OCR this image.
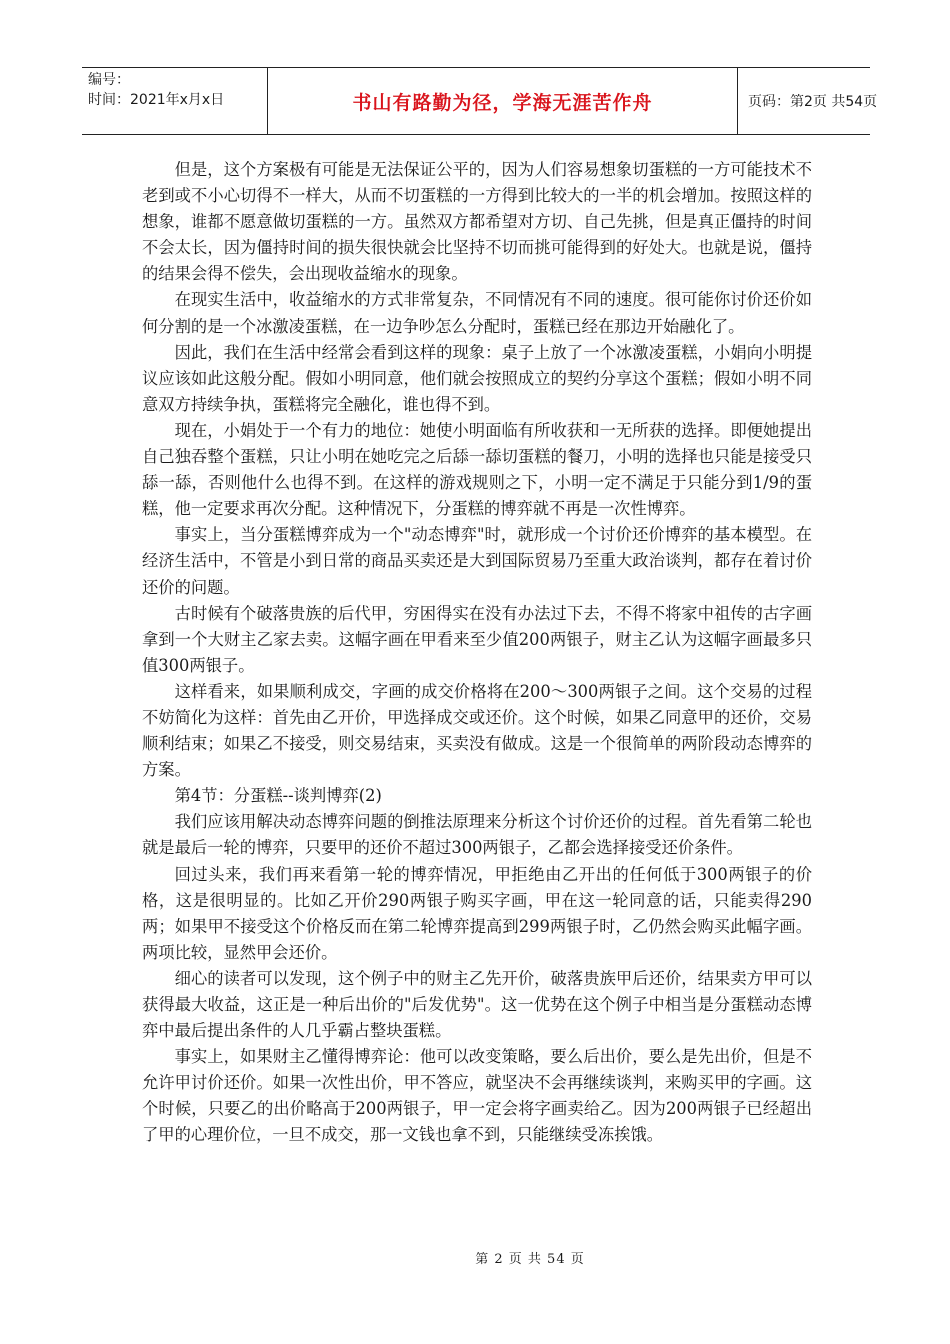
编号：
时间：2021年x月x日	书山有路勤为径，学海无涯苦作舟	页码：第2页 共54页

但是，这个方案极有可能是无法保证公平的，因为人们容易想象切蛋糕的一方可能技术不老到或不小心切得不一样大，从而不切蛋糕的一方得到比较大的一半的机会增加。按照这样的想象，谁都不愿意做切蛋糕的一方。虽然双方都希望对方切、自己先挑，但是真正僵持的时间不会太长，因为僵持时间的损失很快就会比坚持不切而挑可能得到的好处大。也就是说，僵持的结果会得不偿失，会出现收益缩水的现象。

在现实生活中，收益缩水的方式非常复杂，不同情况有不同的速度。很可能你讨价还价如何分割的是一个冰激凌蛋糕，在一边争吵怎么分配时，蛋糕已经在那边开始融化了。

因此，我们在生活中经常会看到这样的现象：桌子上放了一个冰激凌蛋糕，小娟向小明提议应该如此这般分配。假如小明同意，他们就会按照成立的契约分享这个蛋糕；假如小明不同意双方持续争执，蛋糕将完全融化，谁也得不到。

现在，小娟处于一个有力的地位：她使小明面临有所收获和一无所获的选择。即便她提出自己独吞整个蛋糕，只让小明在她吃完之后舔一舔切蛋糕的餐刀，小明的选择也只能是接受只舔一舔，否则他什么也得不到。在这样的游戏规则之下，小明一定不满足于只能分到1/9的蛋糕，他一定要求再次分配。这种情况下，分蛋糕的博弈就不再是一次性博弈。

事实上，当分蛋糕博弈成为一个"动态博弈"时，就形成一个讨价还价博弈的基本模型。在经济生活中，不管是小到日常的商品买卖还是大到国际贸易乃至重大政治谈判，都存在着讨价还价的问题。

古时候有个破落贵族的后代甲，穷困得实在没有办法过下去，不得不将家中祖传的古字画拿到一个大财主乙家去卖。这幅字画在甲看来至少值200两银子，财主乙认为这幅字画最多只值300两银子。

这样看来，如果顺利成交，字画的成交价格将在200～300两银子之间。这个交易的过程不妨简化为这样：首先由乙开价，甲选择成交或还价。这个时候，如果乙同意甲的还价，交易顺利结束；如果乙不接受，则交易结束，买卖没有做成。这是一个很简单的两阶段动态博弈的方案。

第4节：分蛋糕--谈判博弈(2)

我们应该用解决动态博弈问题的倒推法原理来分析这个讨价还价的过程。首先看第二轮也就是最后一轮的博弈，只要甲的还价不超过300两银子，乙都会选择接受还价条件。

回过头来，我们再来看第一轮的博弈情况，甲拒绝由乙开出的任何低于300两银子的价格，这是很明显的。比如乙开价290两银子购买字画，甲在这一轮同意的话，只能卖得290两；如果甲不接受这个价格反而在第二轮博弈提高到299两银子时，乙仍然会购买此幅字画。两项比较，显然甲会还价。

细心的读者可以发现，这个例子中的财主乙先开价，破落贵族甲后还价，结果卖方甲可以获得最大收益，这正是一种后出价的"后发优势"。这一优势在这个例子中相当是分蛋糕动态博弈中最后提出条件的人几乎霸占整块蛋糕。

事实上，如果财主乙懂得博弈论：他可以改变策略，要么后出价，要么是先出价，但是不允许甲讨价还价。如果一次性出价，甲不答应，就坚决不会再继续谈判，来购买甲的字画。这个时候，只要乙的出价略高于200两银子，甲一定会将字画卖给乙。因为200两银子已经超出了甲的心理价位，一旦不成交，那一文钱也拿不到，只能继续受冻挨饿。

第 2 页 共 54 页
